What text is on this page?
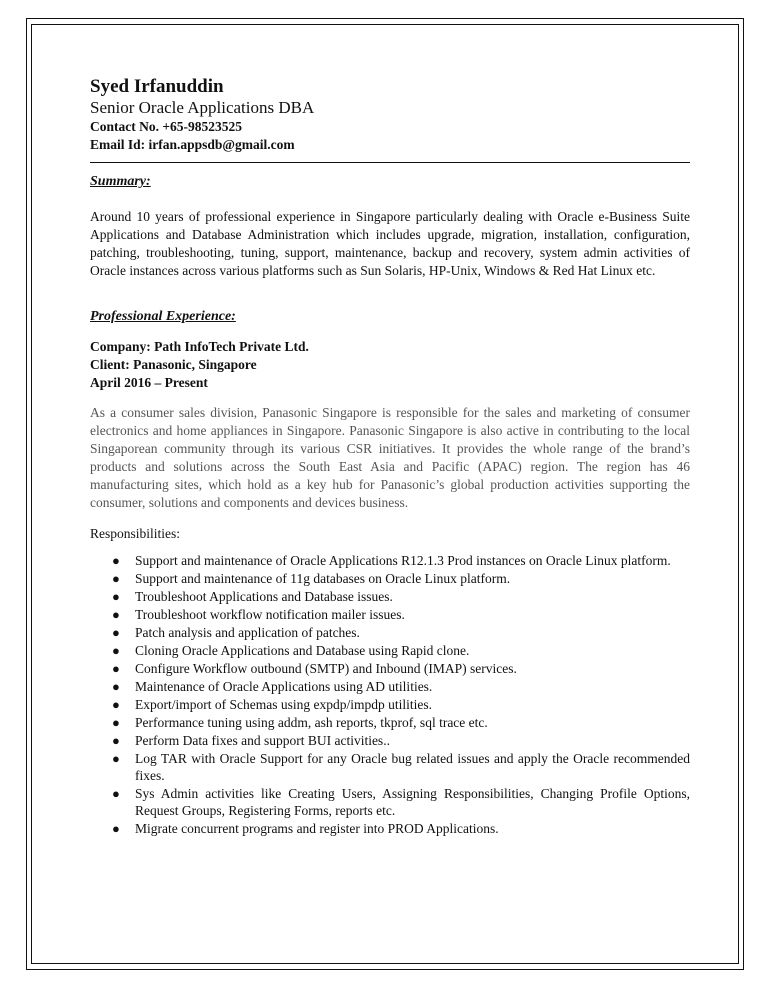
Syed Irfanuddin
Senior Oracle Applications DBA
Contact No. +65-98523525
Email Id: irfan.appsdb@gmail.com
Summary:
Around 10 years of professional experience in Singapore particularly dealing with Oracle e-Business Suite Applications and Database Administration which includes upgrade, migration, installation, configuration, patching, troubleshooting, tuning, support, maintenance, backup and recovery, system admin activities of Oracle instances across various platforms such as Sun Solaris, HP-Unix, Windows & Red Hat Linux etc.
Professional Experience:
Company: Path InfoTech Private Ltd.
Client: Panasonic, Singapore
April 2016 – Present
As a consumer sales division, Panasonic Singapore is responsible for the sales and marketing of consumer electronics and home appliances in Singapore. Panasonic Singapore is also active in contributing to the local Singaporean community through its various CSR initiatives. It provides the whole range of the brand’s products and solutions across the South East Asia and Pacific (APAC) region. The region has 46 manufacturing sites, which hold as a key hub for Panasonic’s global production activities supporting the consumer, solutions and components and devices business.
Responsibilities:
● Support and maintenance of Oracle Applications R12.1.3 Prod instances on Oracle Linux platform.
● Support and maintenance of 11g databases on Oracle Linux platform.
● Troubleshoot Applications and Database issues.
● Troubleshoot workflow notification mailer issues.
● Patch analysis and application of patches.
● Cloning Oracle Applications and Database using Rapid clone.
● Configure Workflow outbound (SMTP) and Inbound (IMAP) services.
● Maintenance of Oracle Applications using AD utilities.
● Export/import of Schemas using expdp/impdp utilities.
● Performance tuning using addm, ash reports, tkprof, sql trace etc.
● Perform Data fixes and support BUI activities..
● Log TAR with Oracle Support for any Oracle bug related issues and apply the Oracle recommended fixes.
● Sys Admin activities like Creating Users, Assigning Responsibilities, Changing Profile Options, Request Groups, Registering Forms, reports etc.
● Migrate concurrent programs and register into PROD Applications.
